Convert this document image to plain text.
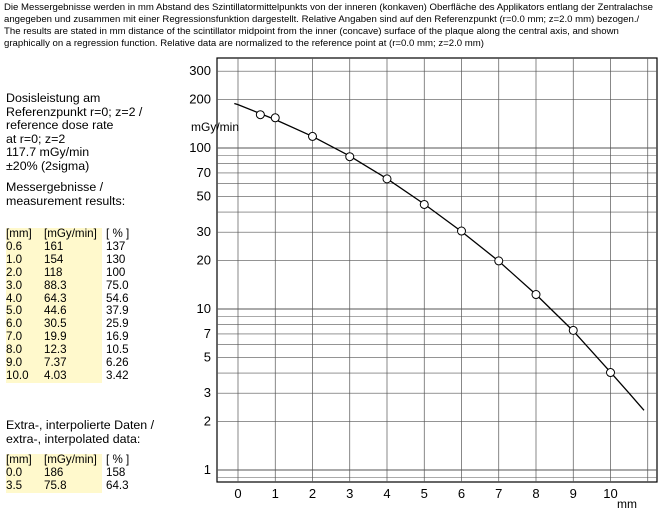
Die Messergebnisse werden in mm Abstand des Szintillatormittelpunkts von der inneren (konkaven) Oberfläche des Applikators entlang der Zentralachse
angegeben und zusammen mit einer Regressionsfunktion dargestellt. Relative Angaben sind auf den Referenzpunkt (r=0.0 mm; z=2.0 mm) bezogen./
The results are stated in mm distance of the scintillator midpoint from the inner (concave) surface of the plaque along the central axis, and shown
graphically on a regression function. Relative data are normalized to the reference point at (r=0.0 mm; z=2.0 mm)
Dosisleistung am
Referenzpunkt r=0; z=2 /
reference dose rate
at r=0; z=2
117.7 mGy/min
±20% (2sigma)
Messergebnisse /
measurement results:
[mm]	[mGy/min]	[ % ]
0.6	161	137
1.0	154	130
2.0	118	100
3.0	88.3	75.0
4.0	64.3	54.6
5.0	44.6	37.9
6.0	30.5	25.9
7.0	19.9	16.9
8.0	12.3	10.5
9.0	7.37	6.26
10.0	4.03	3.42
Extra-, interpolierte Daten /
extra-, interpolated data:
[mm]	[mGy/min]	[ % ]
0.0	186	158
3.5	75.8	64.3
1
2
3
5
7
10
20
30
50
70
100
200
300
0 1 2 3 4 5 6 7 8 9 10
mGy/min
mm
